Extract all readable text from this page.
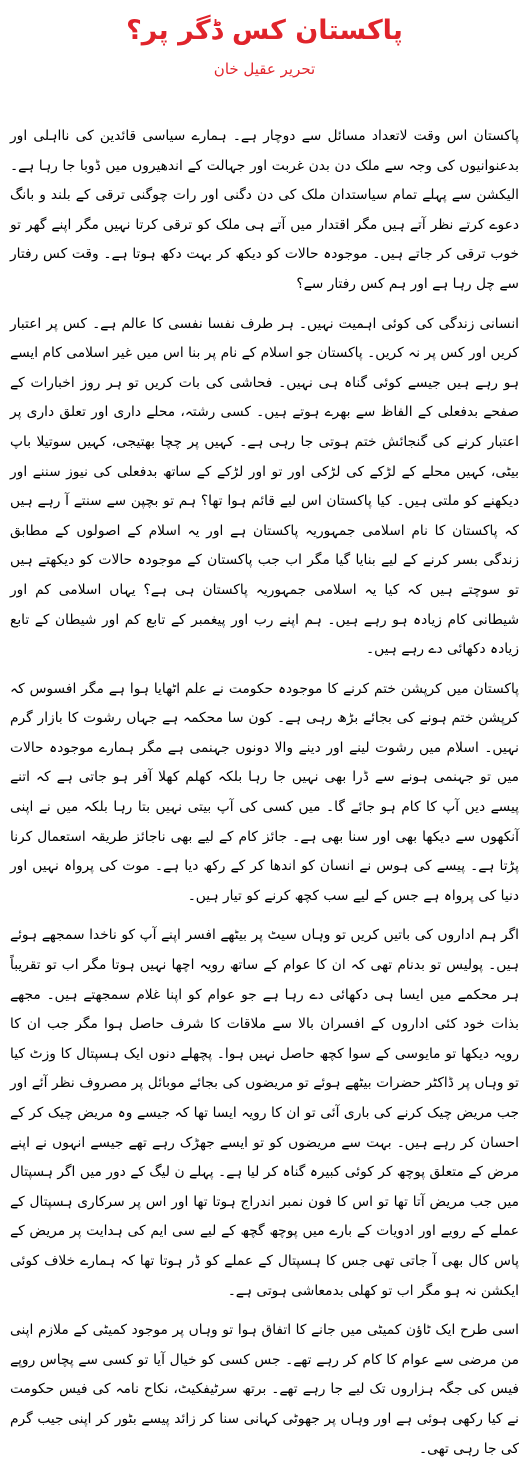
پاکستان کس ڈگر پر؟
تحریر عقیل خان

پاکستان اس وقت لاتعداد مسائل سے دوچار ہے۔ ہمارے سیاسی قائدین کی نااہلی اور بدعنوانیوں کی وجہ سے ملک دن بدن غربت اور جہالت کے اندھیروں میں ڈوبا جا رہا ہے۔ الیکشن سے پہلے تمام سیاستدان ملک کی دن دگنی اور رات چوگنی ترقی کے بلند و بانگ دعوے کرتے نظر آتے ہیں مگر اقتدار میں آتے ہی ملک کو ترقی کرتا نہیں مگر اپنے گھر تو خوب ترقی کر جاتے ہیں۔ موجودہ حالات کو دیکھ کر بہت دکھ ہوتا ہے۔ وقت کس رفتار سے چل رہا ہے اور ہم کس رفتار سے؟

انسانی زندگی کی کوئی اہمیت نہیں۔ ہر طرف نفسا نفسی کا عالم ہے۔ کس پر اعتبار کریں اور کس پر نہ کریں۔ پاکستان جو اسلام کے نام پر بنا اس میں غیر اسلامی کام ایسے ہو رہے ہیں جیسے کوئی گناہ ہی نہیں۔ فحاشی کی بات کریں تو ہر روز اخبارات کے صفحے بدفعلی کے الفاظ سے بھرے ہوتے ہیں۔ کسی رشتہ، محلے داری اور تعلق داری پر اعتبار کرنے کی گنجائش ختم ہوتی جا رہی ہے۔ کہیں پر چچا بھتیجی، کہیں سوتیلا باپ بیٹی، کہیں محلے کے لڑکے کی لڑکی اور تو اور لڑکے کے ساتھ بدفعلی کی نیوز سننے اور دیکھنے کو ملتی ہیں۔ کیا پاکستان اس لیے قائم ہوا تھا؟ ہم تو بچپن سے سنتے آ رہے ہیں کہ پاکستان کا نام اسلامی جمہوریہ پاکستان ہے اور یہ اسلام کے اصولوں کے مطابق زندگی بسر کرنے کے لیے بنایا گیا مگر اب جب پاکستان کے موجودہ حالات کو دیکھتے ہیں تو سوچتے ہیں کہ کیا یہ اسلامی جمہوریہ پاکستان ہی ہے؟ یہاں اسلامی کم اور شیطانی کام زیادہ ہو رہے ہیں۔ ہم اپنے رب اور پیغمبر کے تابع کم اور شیطان کے تابع زیادہ دکھائی دے رہے ہیں۔

پاکستان میں کرپشن ختم کرنے کا موجودہ حکومت نے علم اٹھایا ہوا ہے مگر افسوس کہ کرپشن ختم ہونے کی بجائے بڑھ رہی ہے۔ کون سا محکمہ ہے جہاں رشوت کا بازار گرم نہیں۔ اسلام میں رشوت لینے اور دینے والا دونوں جہنمی ہے مگر ہمارے موجودہ حالات میں تو جہنمی ہونے سے ڈرا بھی نہیں جا رہا بلکہ کھلم کھلا آفر ہو جاتی ہے کہ اتنے پیسے دیں آپ کا کام ہو جائے گا۔ میں کسی کی آپ بیتی نہیں بتا رہا بلکہ میں نے اپنی آنکھوں سے دیکھا بھی اور سنا بھی ہے۔ جائز کام کے لیے بھی ناجائز طریقہ استعمال کرنا پڑتا ہے۔ پیسے کی ہوس نے انسان کو اندھا کر کے رکھ دیا ہے۔ موت کی پرواہ نہیں اور دنیا کی پرواہ ہے جس کے لیے سب کچھ کرنے کو تیار ہیں۔

اگر ہم اداروں کی باتیں کریں تو وہاں سیٹ پر بیٹھے افسر اپنے آپ کو ناخدا سمجھے ہوئے ہیں۔ پولیس تو بدنام تھی کہ ان کا عوام کے ساتھ رویہ اچھا نہیں ہوتا مگر اب تو تقریباً ہر محکمے میں ایسا ہی دکھائی دے رہا ہے جو عوام کو اپنا غلام سمجھتے ہیں۔ مجھے بذات خود کئی اداروں کے افسران بالا سے ملاقات کا شرف حاصل ہوا مگر جب ان کا رویہ دیکھا تو مایوسی کے سوا کچھ حاصل نہیں ہوا۔ پچھلے دنوں ایک ہسپتال کا وزٹ کیا تو وہاں پر ڈاکٹر حضرات بیٹھے ہوئے تو مریضوں کی بجائے موبائل پر مصروف نظر آئے اور جب مریض چیک کرنے کی باری آئی تو ان کا رویہ ایسا تھا کہ جیسے وہ مریض چیک کر کے احسان کر رہے ہیں۔ بہت سے مریضوں کو تو ایسے جھڑک رہے تھے جیسے انہوں نے اپنے مرض کے متعلق پوچھ کر کوئی کبیرہ گناہ کر لیا ہے۔ پہلے ن لیگ کے دور میں اگر ہسپتال میں جب مریض آتا تھا تو اس کا فون نمبر اندراج ہوتا تھا اور اس پر سرکاری ہسپتال کے عملے کے رویے اور ادویات کے بارے میں پوچھ گچھ کے لیے سی ایم کی ہدایت پر مریض کے پاس کال بھی آ جاتی تھی جس کا ہسپتال کے عملے کو ڈر ہوتا تھا کہ ہمارے خلاف کوئی ایکشن نہ ہو مگر اب تو کھلی بدمعاشی ہوتی ہے۔

اسی طرح ایک ٹاؤن کمیٹی میں جانے کا اتفاق ہوا تو وہاں پر موجود کمیٹی کے ملازم اپنی من مرضی سے عوام کا کام کر رہے تھے۔ جس کسی کو خیال آیا تو کسی سے پچاس روپے فیس کی جگہ ہزاروں تک لیے جا رہے تھے۔ برتھ سرٹیفکیٹ، نکاح نامہ کی فیس حکومت نے کیا رکھی ہوئی ہے اور وہاں پر جھوٹی کہانی سنا کر زائد پیسے بٹور کر اپنی جیب گرم کی جا رہی تھی۔
